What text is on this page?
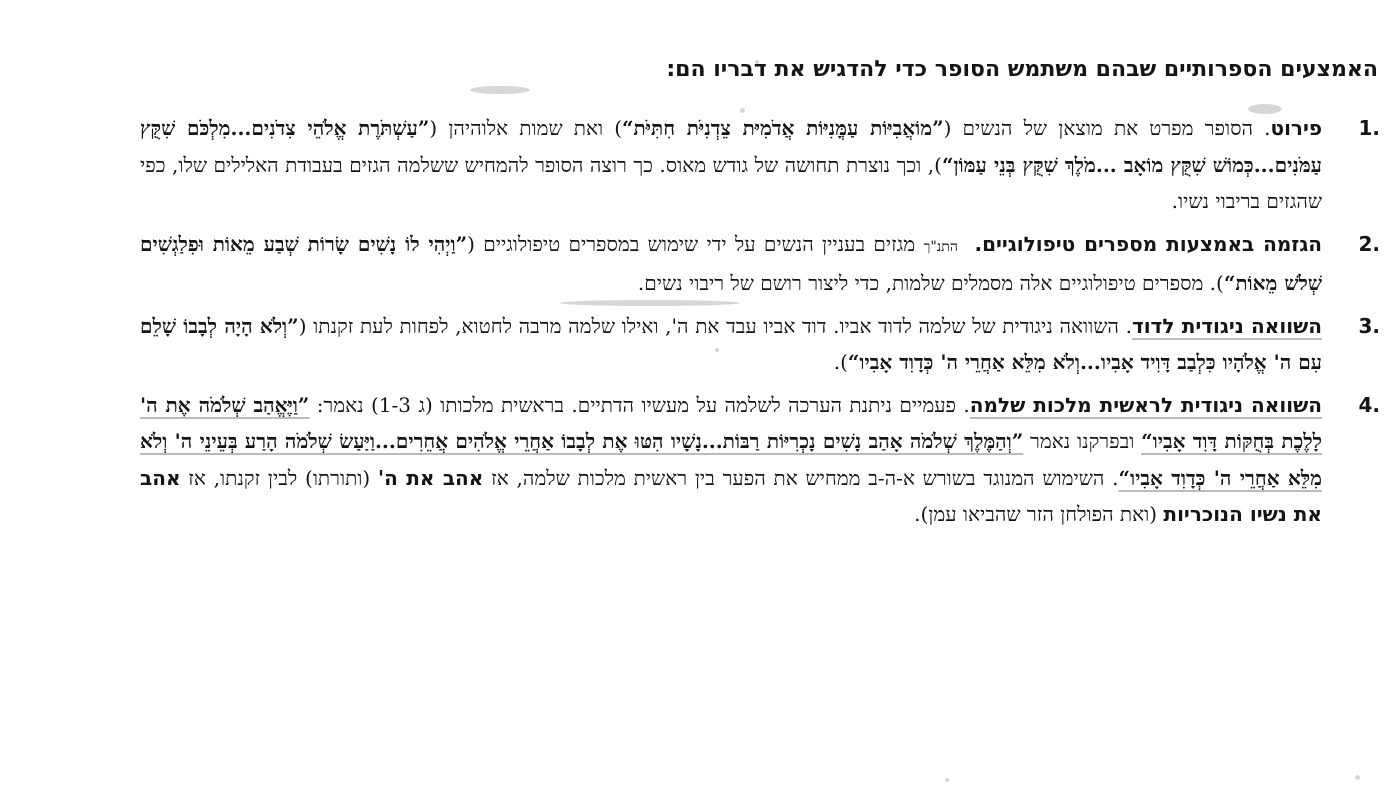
האמצעים הספרותיים שבהם משתמש הסופר כדי להדגיש את דבריו הם:
.1
פירוט. הסופר מפרט את מוצאן של הנשים (”מוֹאֲבִיּוֹת עַמֳּנִיּוֹת אֲדֹמִיּת צֵדְנִיֹּת חִתִּיֹּת“) ואת שמות אלוהיהן (”עַשְׁתֹּרֶת אֱלֹהֵי צִדֹנִים...מִלְכֹּם שִׁקֻּץ עַמֹּנִים...כְּמוֹשׁ שִׁקֻּץ מוֹאָב ...מֹלֶךְ שִׁקֻּץ בְּנֵי עַמּוֹן“), וכך נוצרת תחושה של גודש מאוס. כך רוצה הסופר להמחיש ששלמה הגזים בעבודת האלילים שלו, כפי שהגזים בריבוי נשיו.
.2
הגזמה באמצעות מספרים טיפולוגיים.  התנ"ך מגזים בעניין הנשים על ידי שימוש במספרים טיפולוגיים (”וַיְהִי לוֹ נָשִׁים שָׂרוֹת שְׁבַע מֵאוֹת וּפִלַגְשִׁים שְׁלֹשׁ מֵאוֹת“). מספרים טיפולוגיים אלה מסמלים שלמות, כדי ליצור רושם של ריבוי נשים.
.3
השוואה ניגודית לדוד. השוואה ניגודית של שלמה לדוד אביו. דוד אביו עבד את ה', ואילו שלמה מרבה לחטוא, לפחות לעת זקנתו (”וְלֹא הָיָה לְבָבוֹ שָׁלֵם עִם ה' אֱלֹהָיו כִּלְבַב דָּוִיד אָבִיו...וְלֹא מִלֵּא אַחֲרֵי ה' כְּדָוִד אָבִיו“).
.4
השוואה ניגודית לראשית מלכות שלמה. פעמיים ניתנת הערכה לשלמה על מעשיו הדתיים. בראשית מלכותו (ג 1-3) נאמר: ”וַיֶּאֱהַב שְׁלֹמֹה אֶת ה' לָלֶכֶת בְּחֻקּוֹת דָּוִד אָבִיו“ ובפרקנו נאמר ”וְהַמֶּלֶךְ שְׁלֹמֹה אָהַב נָשִׁים נָכְרִיּוֹת רַבּוֹת...נָשָׁיו הִטּוּ אֶת לְבָבוֹ אַחֲרֵי אֱלֹהִים אֲחֵרִים...וַיַּעַשׂ שְׁלֹמֹה הָרַע בְּעֵינֵי ה' וְלֹא מִלֵּא אַחֲרֵי ה' כְּדָוִד אָבִיו“. השימוש המנוגד בשורש א-ה-ב ממחיש את הפער בין ראשית מלכות שלמה, אז אהב את ה' (ותורתו) לבין זקנתו, אז אהב את נשיו הנוכריות (ואת הפולחן הזר שהביאו עמן).
